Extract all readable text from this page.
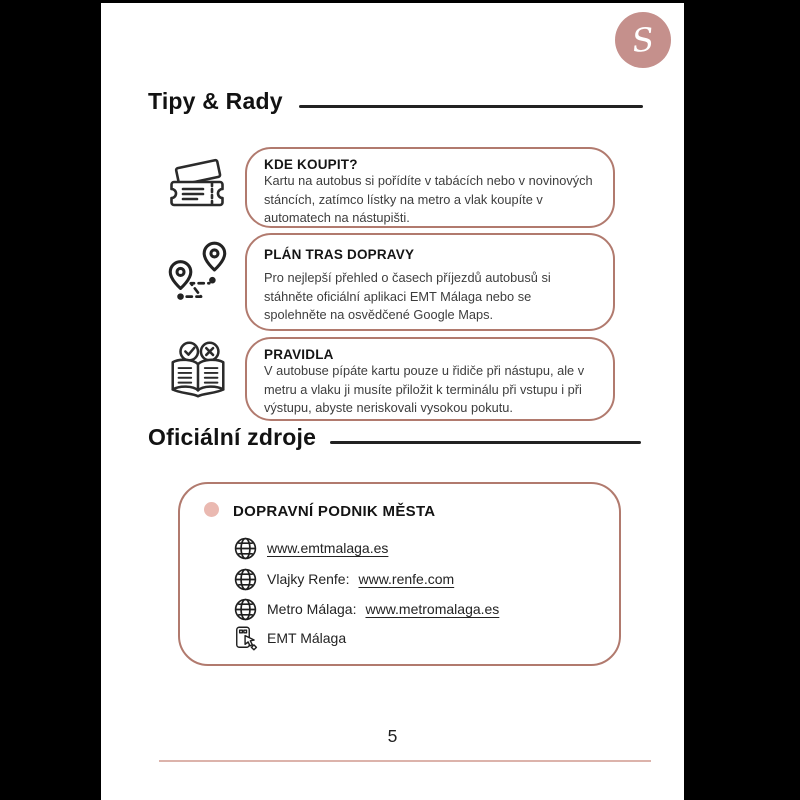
S
Tipy & Rady
KDE KOUPIT?
Kartu na autobus si pořídíte v tabácích nebo v novinových stáncích, zatímco lístky na metro a vlak koupíte v automatech na nástupišti.
PLÁN TRAS DOPRAVY
Pro nejlepší přehled o časech příjezdů autobusů si stáhněte oficiální aplikaci EMT Málaga nebo se spolehněte na osvědčené Google Maps.
PRAVIDLA
V autobuse pípáte kartu pouze u řidiče při nástupu, ale v metru a vlaku ji musíte přiložit k terminálu při vstupu i při výstupu, abyste neriskovali vysokou pokutu.
Oficiální zdroje
DOPRAVNÍ PODNIK MĚSTA
www.emtmalaga.es
Vlajky Renfe: www.renfe.com
Metro Málaga: www.metromalaga.es
EMT Málaga
5
